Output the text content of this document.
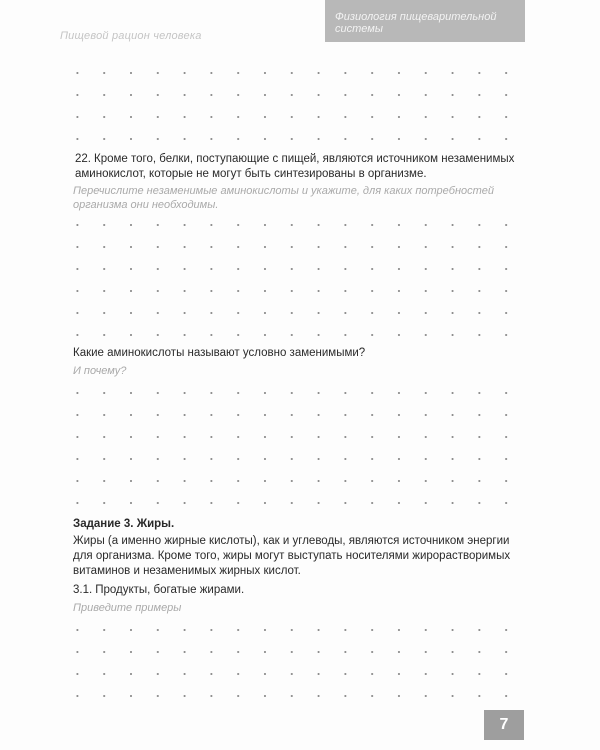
Пищевой рацион человека
Физиология пищеварительной системы
22. Кроме того, белки, поступающие с пищей, являются источником незаменимых аминокислот, которые не могут быть синтезированы в организме.
Перечислите незаменимые аминокислоты и укажите, для каких потребностей организма они необходимы.
Какие аминокислоты называют условно заменимыми?
И почему?
Задание 3. Жиры.
Жиры (а именно жирные кислоты), как и углеводы, являются источником энергии для организма. Кроме того, жиры могут выступать носителями жирорастворимых витаминов и незаменимых жирных кислот.
3.1. Продукты, богатые жирами.
Приведите примеры
7
